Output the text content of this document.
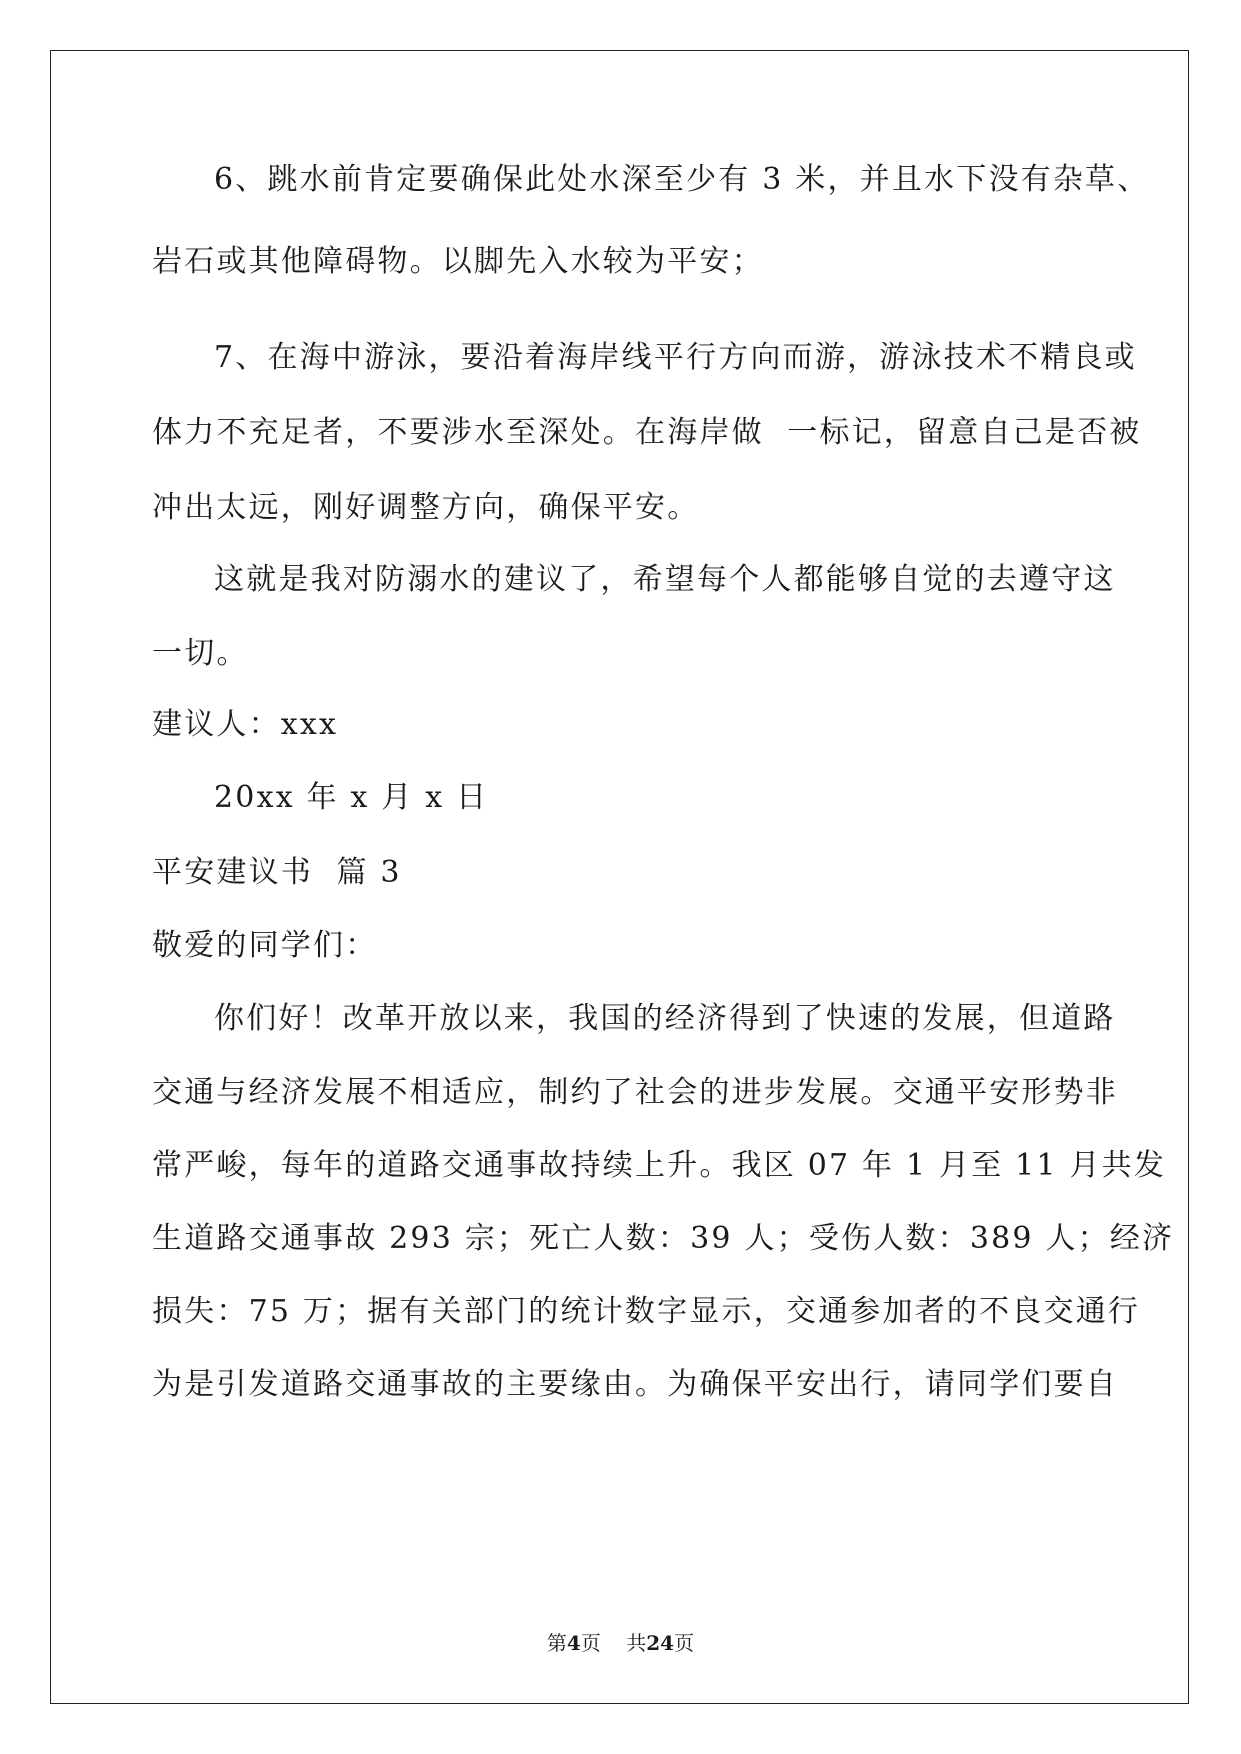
6、跳水前肯定要确保此处水深至少有 3 米，并且水下没有杂草、
岩石或其他障碍物。以脚先入水较为平安；
7、在海中游泳，要沿着海岸线平行方向而游，游泳技术不精良或
体力不充足者，不要涉水至深处。在海岸做  一标记，留意自己是否被
冲出太远，刚好调整方向，确保平安。
这就是我对防溺水的建议了，希望每个人都能够自觉的去遵守这
一切。
建议人：xxx
20xx 年 x 月 x 日
平安建议书  篇 3
敬爱的同学们：
你们好！改革开放以来，我国的经济得到了快速的发展，但道路
交通与经济发展不相适应，制约了社会的进步发展。交通平安形势非
常严峻，每年的道路交通事故持续上升。我区 07 年 1 月至 11 月共发
生道路交通事故 293 宗；死亡人数：39 人；受伤人数：389 人；经济
损失：75 万；据有关部门的统计数字显示，交通参加者的不良交通行
为是引发道路交通事故的主要缘由。为确保平安出行，请同学们要自
第4页    共24页
